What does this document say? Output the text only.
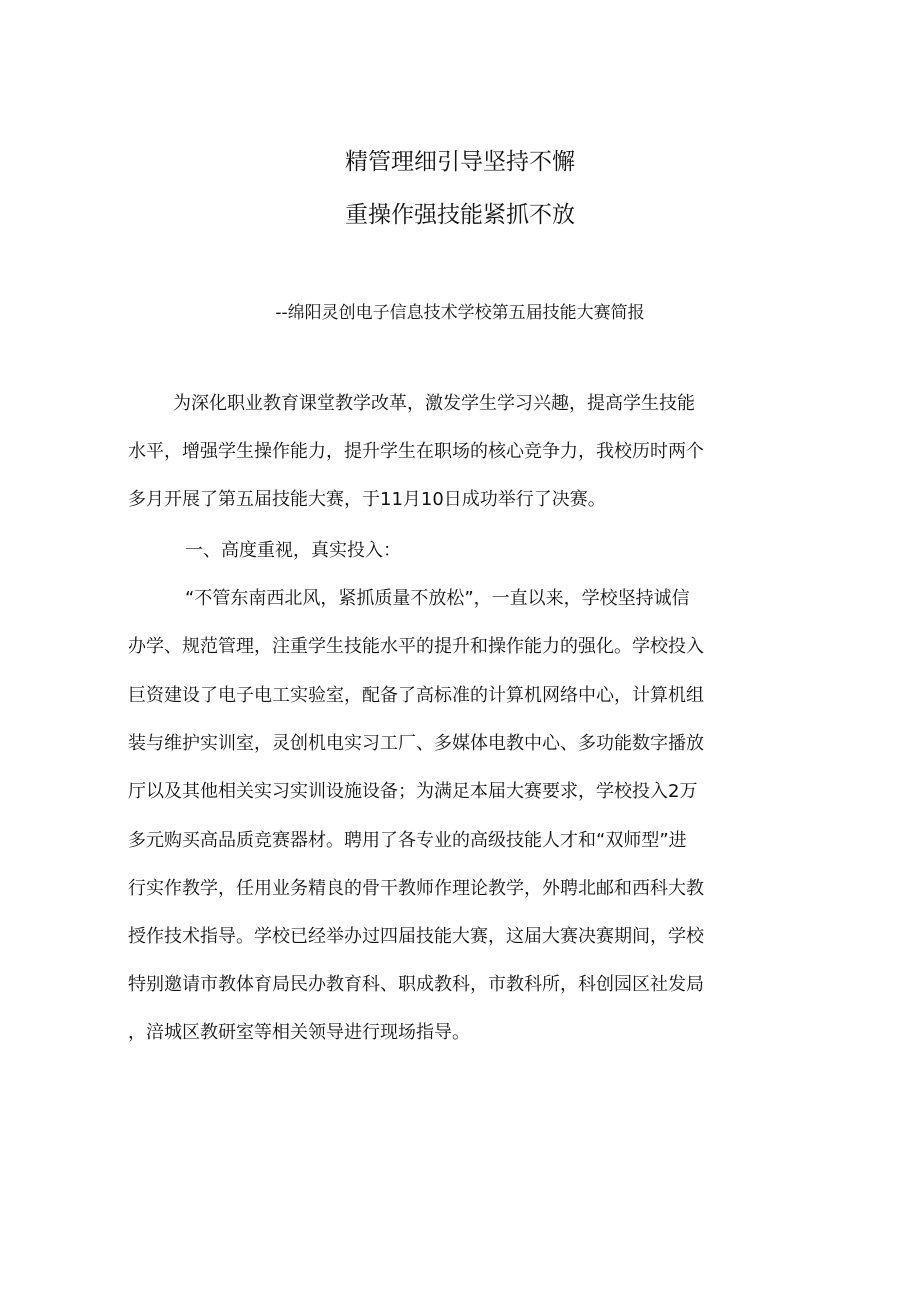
精管理细引导坚持不懈
重操作强技能紧抓不放
--绵阳灵创电子信息技术学校第五届技能大赛简报
为深化职业教育课堂教学改革，激发学生学习兴趣，提高学生技能
水平，增强学生操作能力，提升学生在职场的核心竞争力，我校历时两个
多月开展了第五届技能大赛，于11月10日成功举行了决赛。
一、高度重视，真实投入：
“不管东南西北风，紧抓质量不放松”，一直以来，学校坚持诚信
办学、规范管理，注重学生技能水平的提升和操作能力的强化。学校投入
巨资建设了电子电工实验室，配备了高标准的计算机网络中心，计算机组
装与维护实训室，灵创机电实习工厂、多媒体电教中心、多功能数字播放
厅以及其他相关实习实训设施设备；为满足本届大赛要求，学校投入2万
多元购买高品质竞赛器材。聘用了各专业的高级技能人才和“双师型”进
行实作教学，任用业务精良的骨干教师作理论教学，外聘北邮和西科大教
授作技术指导。学校已经举办过四届技能大赛，这届大赛决赛期间，学校
特别邀请市教体育局民办教育科、职成教科，市教科所，科创园区社发局
，涪城区教研室等相关领导进行现场指导。
